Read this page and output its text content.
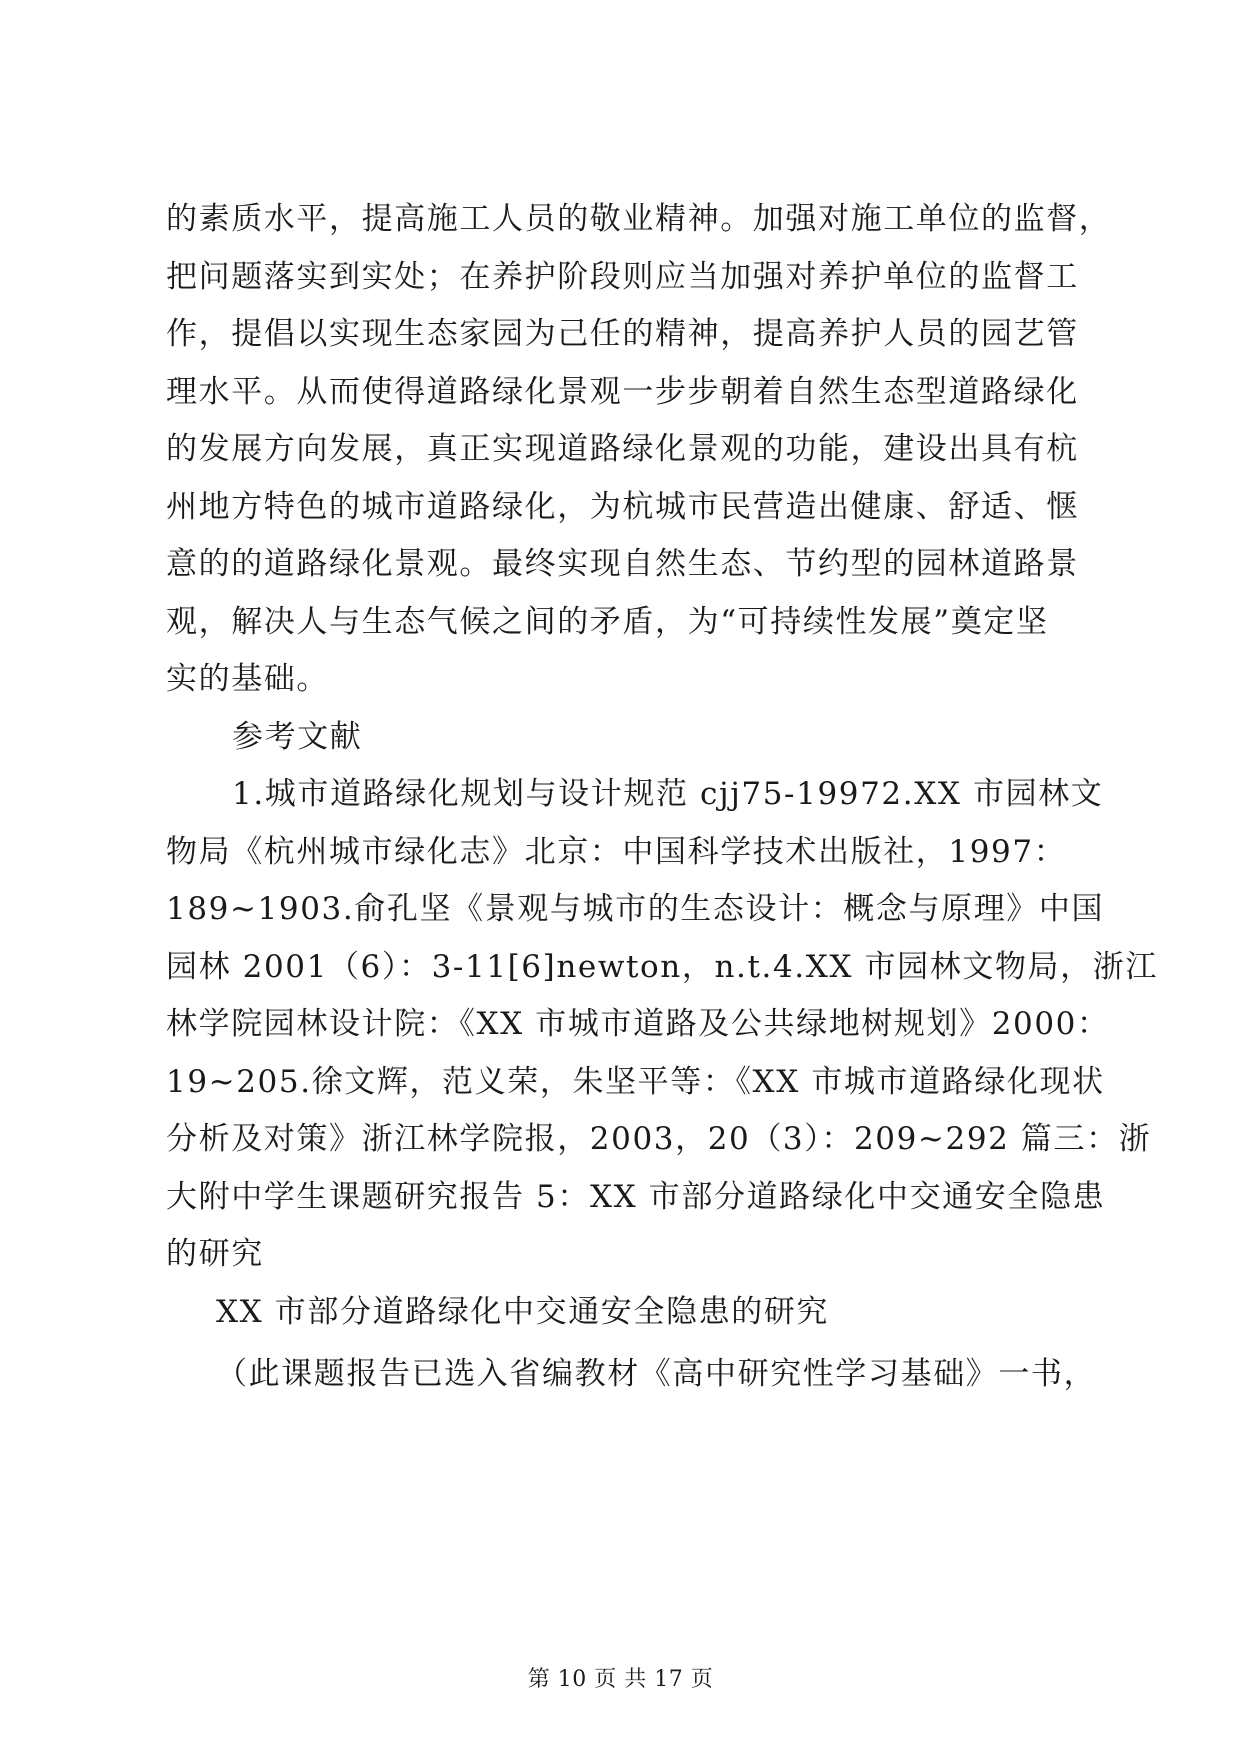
的素质水平，提高施工人员的敬业精神。加强对施工单位的监督，
把问题落实到实处；在养护阶段则应当加强对养护单位的监督工
作，提倡以实现生态家园为己任的精神，提高养护人员的园艺管
理水平。从而使得道路绿化景观一步步朝着自然生态型道路绿化
的发展方向发展，真正实现道路绿化景观的功能，建设出具有杭
州地方特色的城市道路绿化，为杭城市民营造出健康、舒适、惬
意的的道路绿化景观。最终实现自然生态、节约型的园林道路景
观，解决人与生态气候之间的矛盾，为“可持续性发展”奠定坚
实的基础。
参考文献
1.城市道路绿化规划与设计规范 cjj75-19972.XX 市园林文
物局《杭州城市绿化志》北京：中国科学技术出版社，1997：
189~1903.俞孔坚《景观与城市的生态设计：概念与原理》中国
园林 2001（6）：3-11[6]newton，n.t.4.XX 市园林文物局，浙江
林学院园林设计院：《XX 市城市道路及公共绿地树规划》2000：
19~205.徐文辉，范义荣，朱坚平等：《XX 市城市道路绿化现状
分析及对策》浙江林学院报，2003，20（3）：209~292 篇三：浙
大附中学生课题研究报告 5：XX 市部分道路绿化中交通安全隐患
的研究
XX 市部分道路绿化中交通安全隐患的研究
（此课题报告已选入省编教材《高中研究性学习基础》一书，
第 10 页 共 17 页
